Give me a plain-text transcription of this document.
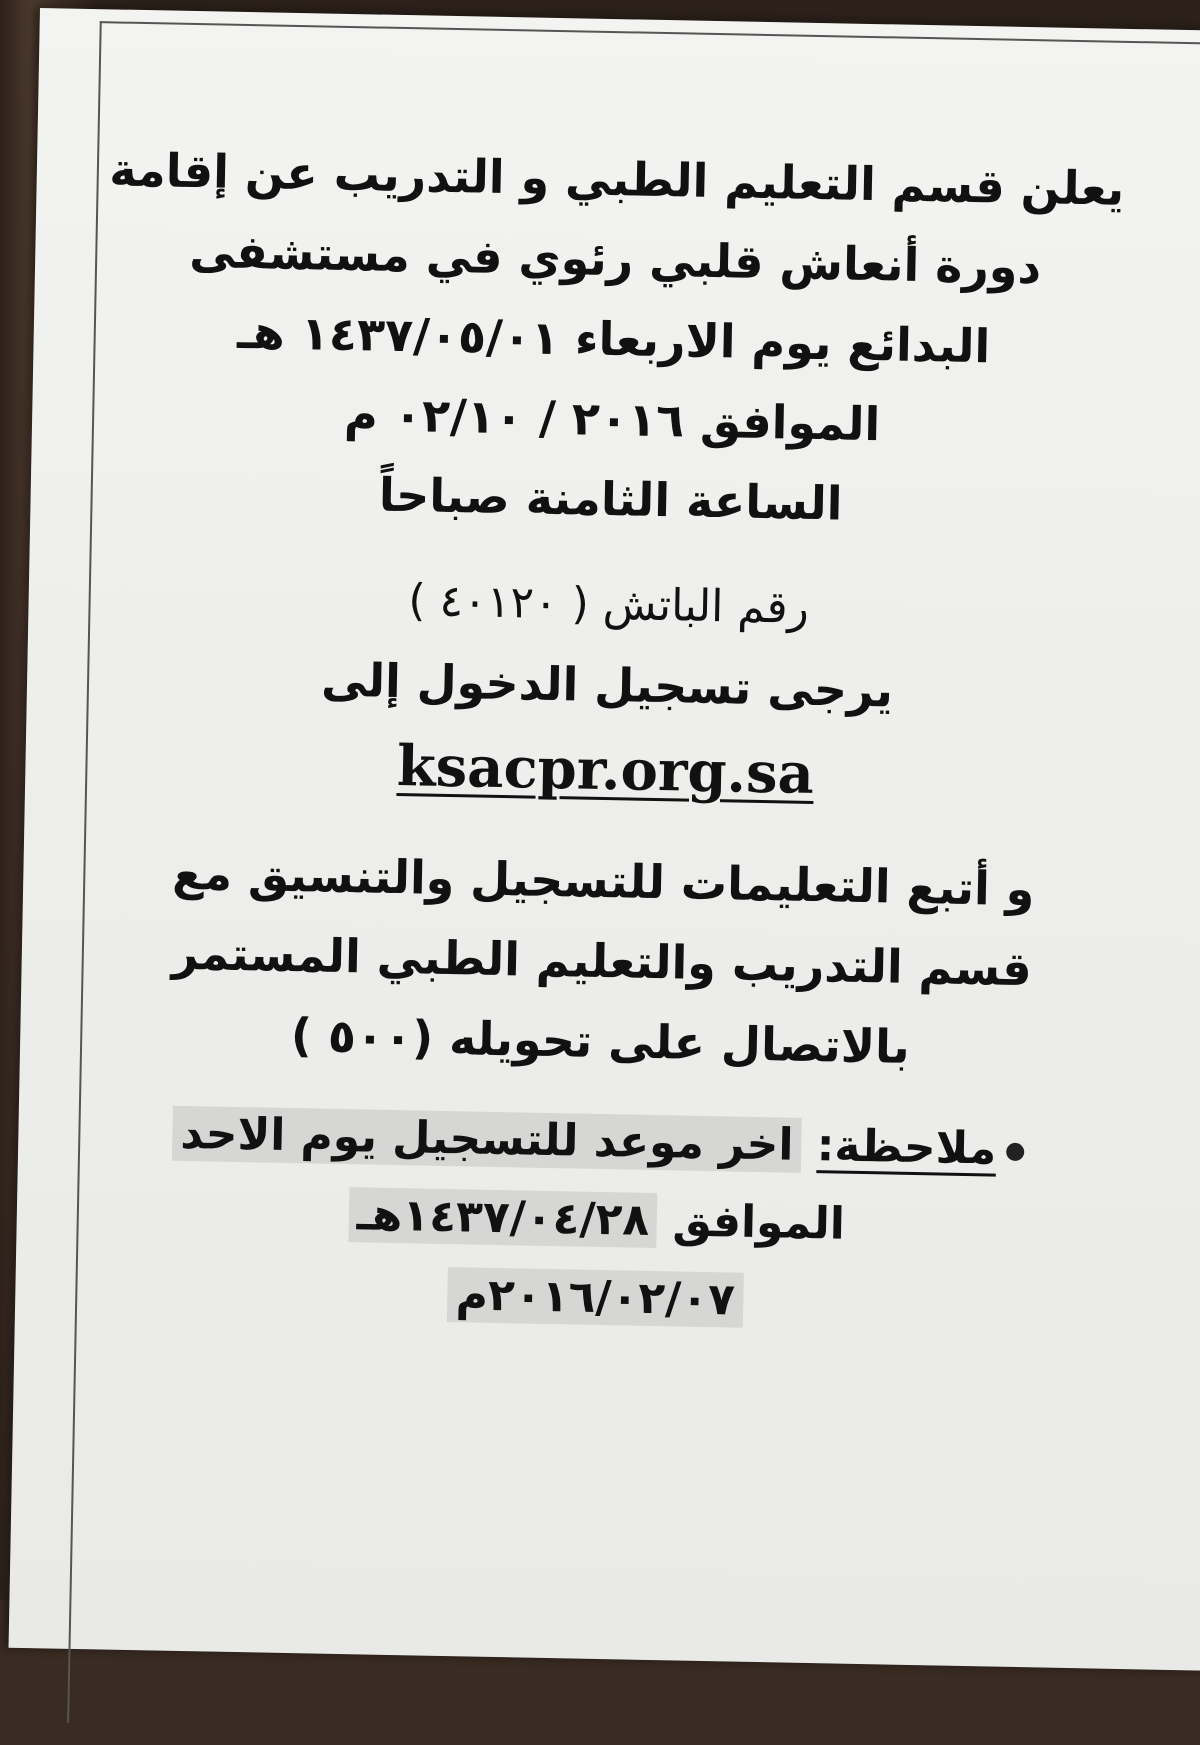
يعلن قسم التعليم الطبي و التدريب عن إقامة
دورة أنعاش قلبي رئوي في مستشفى
البدائع يوم الاربعاء ١٤٣٧/٠٥/٠١ هـ
الموافق ٢٠١٦ / ٠٢/١٠ م
الساعة الثامنة صباحاً
رقم الباتش ( ٤٠١٢٠ )
يرجى تسجيل الدخول إلى
ksacpr.org.sa
و أتبع التعليمات للتسجيل والتنسيق مع
قسم التدريب والتعليم الطبي المستمر
بالاتصال على تحويله (٥٠٠ )
ملاحظة: اخر موعد للتسجيل يوم الاحد
الموافق ١٤٣٧/٠٤/٢٨هـ
٢٠١٦/٠٢/٠٧م
